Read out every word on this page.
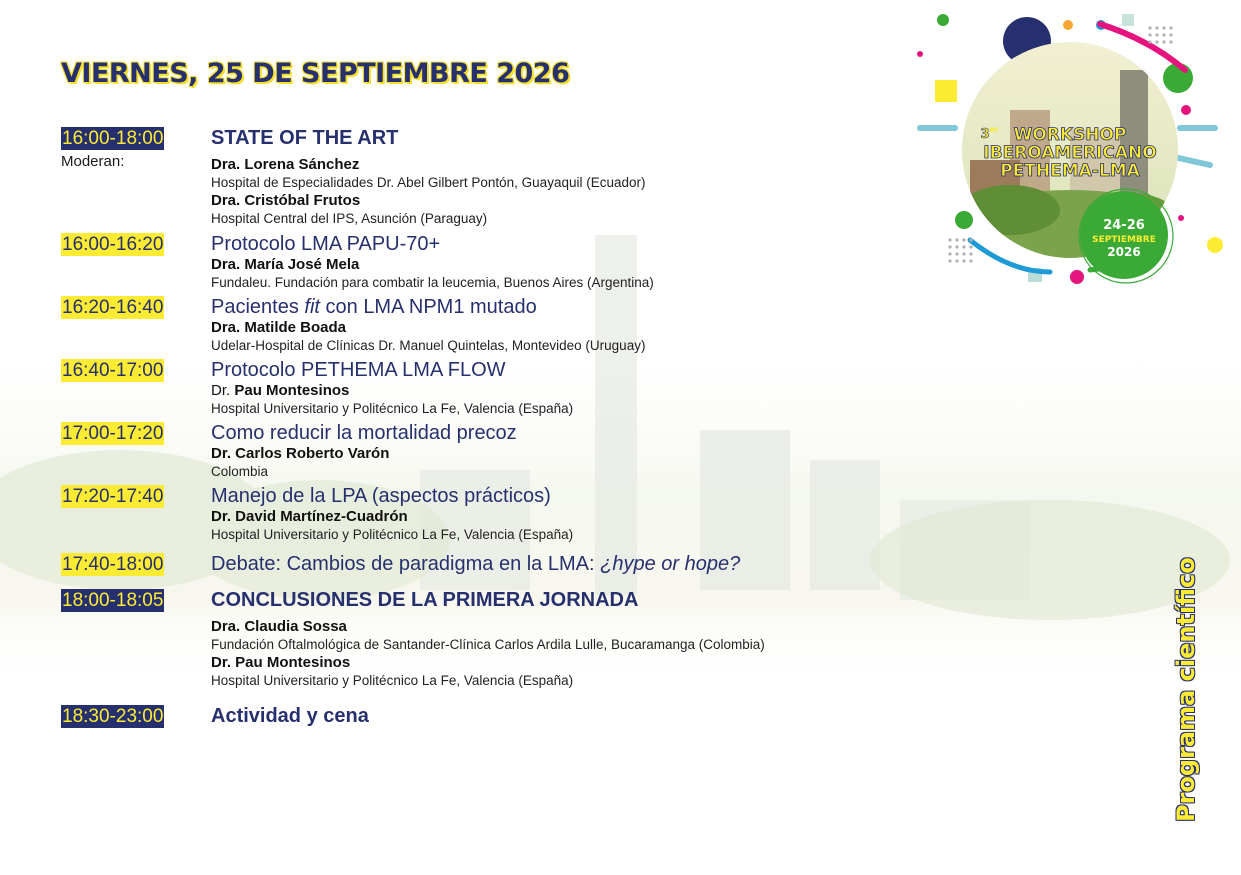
VIERNES, 25 DE SEPTIEMBRE 2026
16:00-18:00 STATE OF THE ART
Moderan:	Dra. Lorena Sánchez
Hospital de Especialidades Dr. Abel Gilbert Pontón, Guayaquil (Ecuador)
Dra. Cristóbal Frutos
Hospital Central del IPS, Asunción (Paraguay)
16:00-16:20 Protocolo LMA PAPU-70+
Dra. María José Mela
Fundaleu. Fundación para combatir la leucemia, Buenos Aires (Argentina)
16:20-16:40 Pacientes fit con LMA NPM1 mutado
Dra. Matilde Boada
Udelar-Hospital de Clínicas Dr. Manuel Quintelas, Montevideo (Uruguay)
16:40-17:00 Protocolo PETHEMA LMA FLOW
Dr. Pau Montesinos
Hospital Universitario y Politécnico La Fe, Valencia (España)
17:00-17:20 Como reducir la mortalidad precoz
Dr. Carlos Roberto Varón
Colombia
17:20-17:40 Manejo de la LPA (aspectos prácticos)
Dr. David Martínez-Cuadrón
Hospital Universitario y Politécnico La Fe, Valencia (España)
17:40-18:00 Debate: Cambios de paradigma en la LMA: ¿hype or hope?
18:00-18:05 CONCLUSIONES DE LA PRIMERA JORNADA
Dra. Claudia Sossa
Fundación Oftalmológica de Santander-Clínica Carlos Ardila Lulle, Bucaramanga (Colombia)
Dr. Pau Montesinos
Hospital Universitario y Politécnico La Fe, Valencia (España)
18:30-23:00 Actividad y cena
3 er WORKSHOP
IBEROAMERICANO
PETHEMA-LMA
24-26
SEPTIEMBRE
2026
Programa científico
